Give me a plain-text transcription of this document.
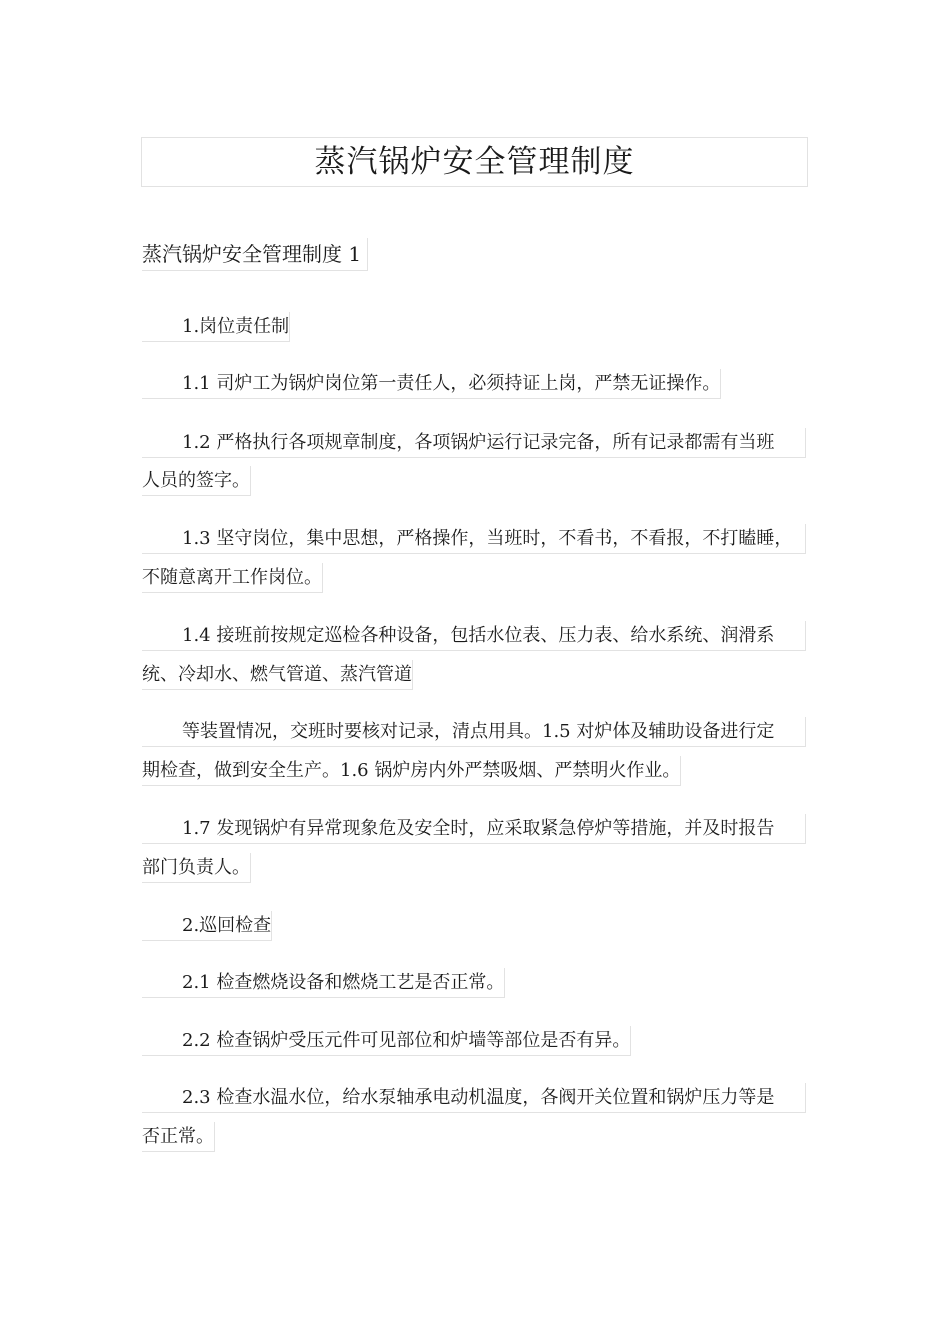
蒸汽锅炉安全管理制度
蒸汽锅炉安全管理制度 1
1.岗位责任制
1.1 司炉工为锅炉岗位第一责任人，必须持证上岗，严禁无证操作。
1.2 严格执行各项规章制度，各项锅炉运行记录完备，所有记录都需有当班
人员的签字。
1.3 坚守岗位，集中思想，严格操作，当班时，不看书，不看报，不打瞌睡，
不随意离开工作岗位。
1.4 接班前按规定巡检各种设备，包括水位表、压力表、给水系统、润滑系
统、冷却水、燃气管道、蒸汽管道
等装置情况，交班时要核对记录，清点用具。1.5 对炉体及辅助设备进行定
期检查，做到安全生产。1.6 锅炉房内外严禁吸烟、严禁明火作业。
1.7 发现锅炉有异常现象危及安全时，应采取紧急停炉等措施，并及时报告
部门负责人。
2.巡回检查
2.1 检查燃烧设备和燃烧工艺是否正常。
2.2 检查锅炉受压元件可见部位和炉墙等部位是否有异。
2.3 检查水温水位，给水泵轴承电动机温度，各阀开关位置和锅炉压力等是
否正常。
